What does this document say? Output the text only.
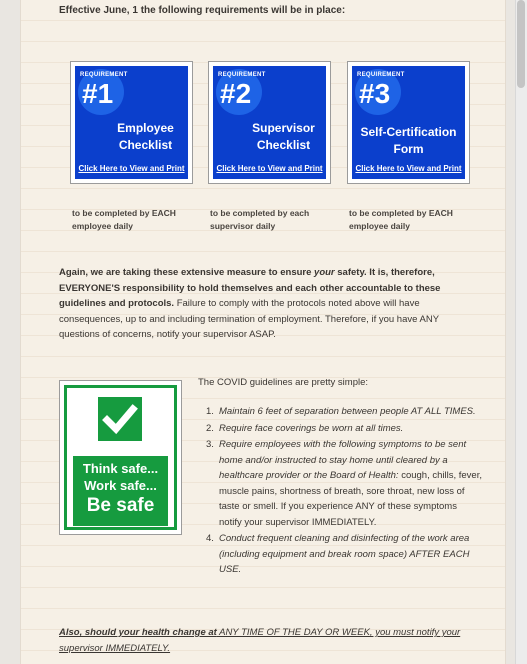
Effective June, 1 the following requirements will be in place:
REQUIREMENT
#1
Employee Checklist
Click Here to View and Print
REQUIREMENT
#2
Supervisor Checklist
Click Here to View and Print
REQUIREMENT
#3
Self-Certification Form
Click Here to View and Print
to be completed by EACH employee daily
to be completed by each supervisor daily
to be completed by EACH employee daily
Again, we are taking these extensive measure to ensure your safety. It is, therefore, EVERYONE'S responsibility to hold themselves and each other accountable to these guidelines and protocols. Failure to comply with the protocols noted above will have consequences, up to and including termination of employment. Therefore, if you have ANY questions of concerns, notify your supervisor ASAP.
Think safe...
Work safe...
Be safe
The COVID guidelines are pretty simple:
1. Maintain 6 feet of separation between people AT ALL TIMES.
2. Require face coverings be worn at all times.
3. Require employees with the following symptoms to be sent home and/or instructed to stay home until cleared by a healthcare provider or the Board of Health: cough, chills, fever, muscle pains, shortness of breath, sore throat, new loss of taste or smell. If you experience ANY of these symptoms notify your supervisor IMMEDIATELY.
4. Conduct frequent cleaning and disinfecting of the work area (including equipment and break room space) AFTER EACH USE.
Also, should your health change at ANY TIME OF THE DAY OR WEEK, you must notify your supervisor IMMEDIATELY.
